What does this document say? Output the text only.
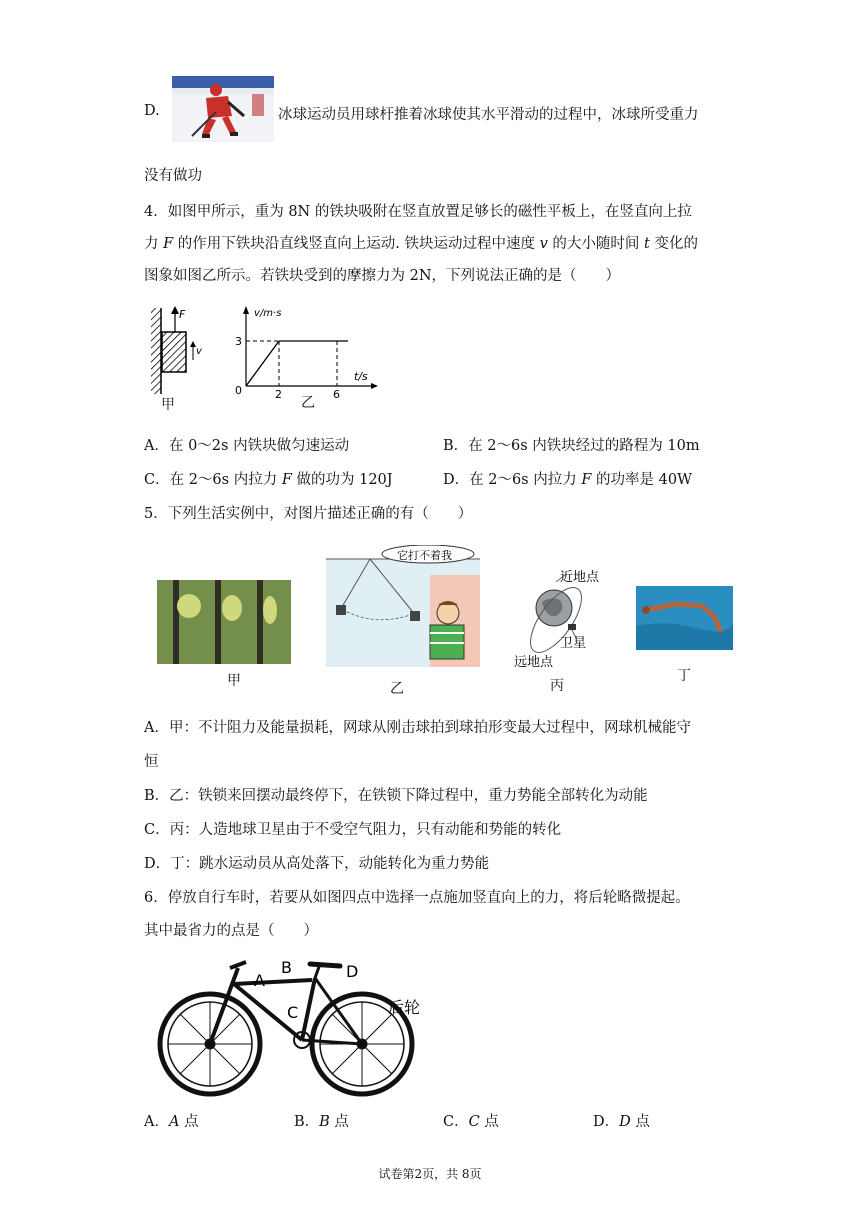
D.	冰球运动员用球杆推着冰球使其水平滑动的过程中，冰球所受重力
没有做功
4．如图甲所示，重为 8N 的铁块吸附在竖直放置足够长的磁性平板上，在竖直向上拉
力 F 的作用下铁块沿直线竖直向上运动. 铁块运动过程中速度 v 的大小随时间 t 变化的
图象如图乙所示。若铁块受到的摩擦力为 2N，下列说法正确的是（　　）
F
v
甲
v/m·s
3
0	2	6
t/s
乙
A．在 0～2s 内铁块做匀速运动	B．在 2～6s 内铁块经过的路程为 10m
C．在 2～6s 内拉力 F 做的功为 120J	D．在 2～6s 内拉力 F 的功率是 40W
5．下列生活实例中，对图片描述正确的有（　　）
甲
它打不着我
乙
近地点
卫星
远地点
丙
丁
A．甲：不计阻力及能量损耗，网球从刚击球拍到球拍形变最大过程中，网球机械能守
恒
B．乙：铁锁来回摆动最终停下，在铁锁下降过程中，重力势能全部转化为动能
C．丙：人造地球卫星由于不受空气阻力，只有动能和势能的转化
D．丁：跳水运动员从高处落下，动能转化为重力势能
6．停放自行车时，若要从如图四点中选择一点施加竖直向上的力，将后轮略微提起。
其中最省力的点是（　　）
A
B
C
D
后轮
A．A 点	B．B 点	C．C 点	D．D 点
试卷第2页，共 8页
